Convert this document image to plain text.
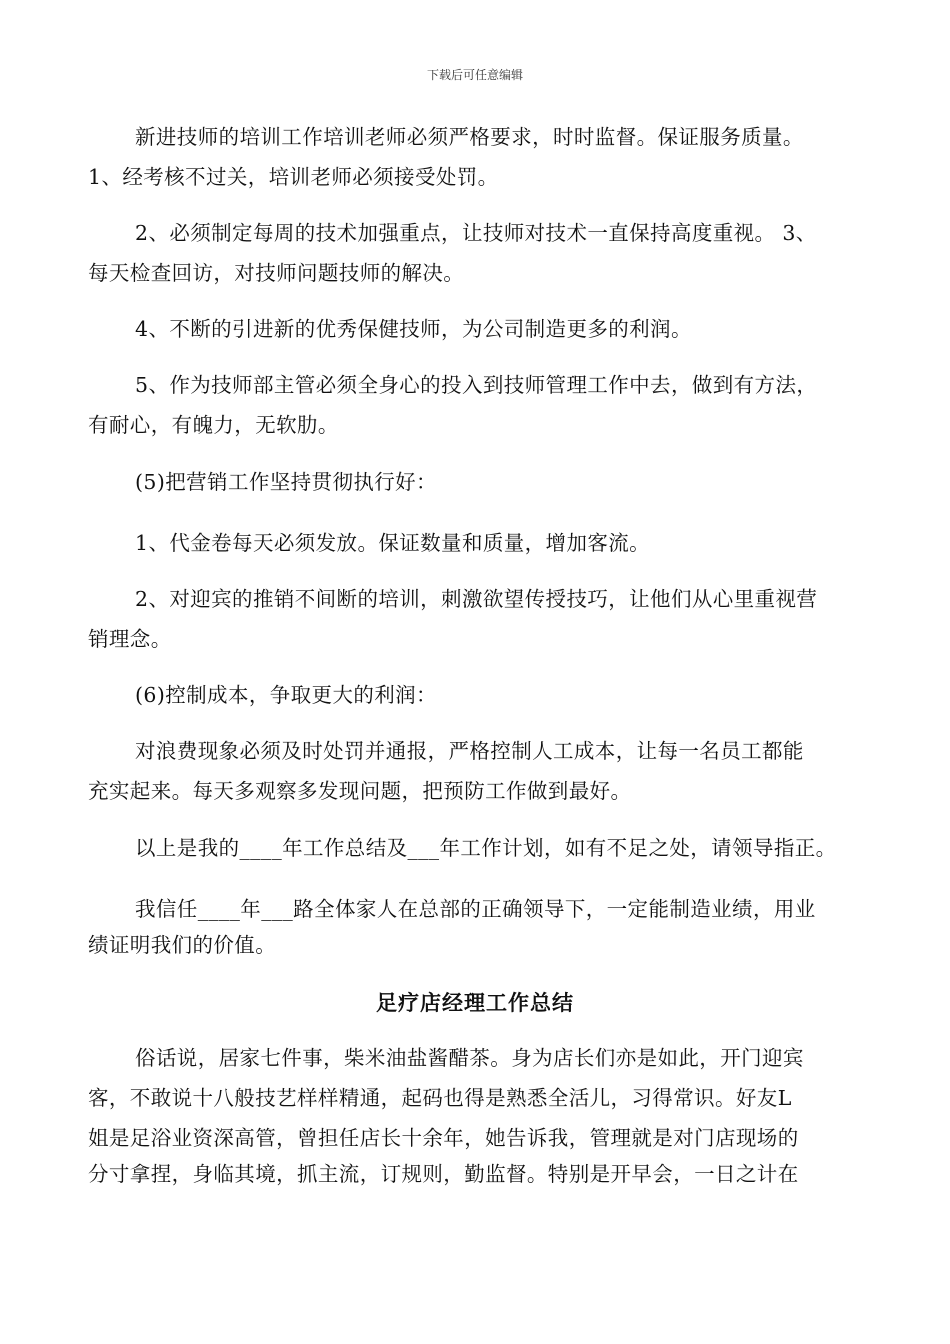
下载后可任意编辑
新进技师的培训工作培训老师必须严格要求，时时监督。保证服务质量。
1、经考核不过关，培训老师必须接受处罚。
2、必须制定每周的技术加强重点，让技师对技术一直保持高度重视。 3、
每天检查回访，对技师问题技师的解决。
4、不断的引进新的优秀保健技师，为公司制造更多的利润。
5、作为技师部主管必须全身心的投入到技师管理工作中去，做到有方法，
有耐心，有魄力，无软肋。
(5)把营销工作坚持贯彻执行好：
1、代金卷每天必须发放。保证数量和质量，增加客流。
2、对迎宾的推销不间断的培训，刺激欲望传授技巧，让他们从心里重视营
销理念。
(6)控制成本，争取更大的利润：
对浪费现象必须及时处罚并通报，严格控制人工成本，让每一名员工都能
充实起来。每天多观察多发现问题，把预防工作做到最好。
以上是我的____年工作总结及___年工作计划，如有不足之处，请领导指正。
我信任____年___路全体家人在总部的正确领导下，一定能制造业绩，用业
绩证明我们的价值。
足疗店经理工作总结
俗话说，居家七件事，柴米油盐酱醋茶。身为店长们亦是如此，开门迎宾
客，不敢说十八般技艺样样精通，起码也得是熟悉全活儿，习得常识。好友L
姐是足浴业资深高管，曾担任店长十余年，她告诉我，管理就是对门店现场的
分寸拿捏，身临其境，抓主流，订规则，勤监督。特别是开早会，一日之计在
